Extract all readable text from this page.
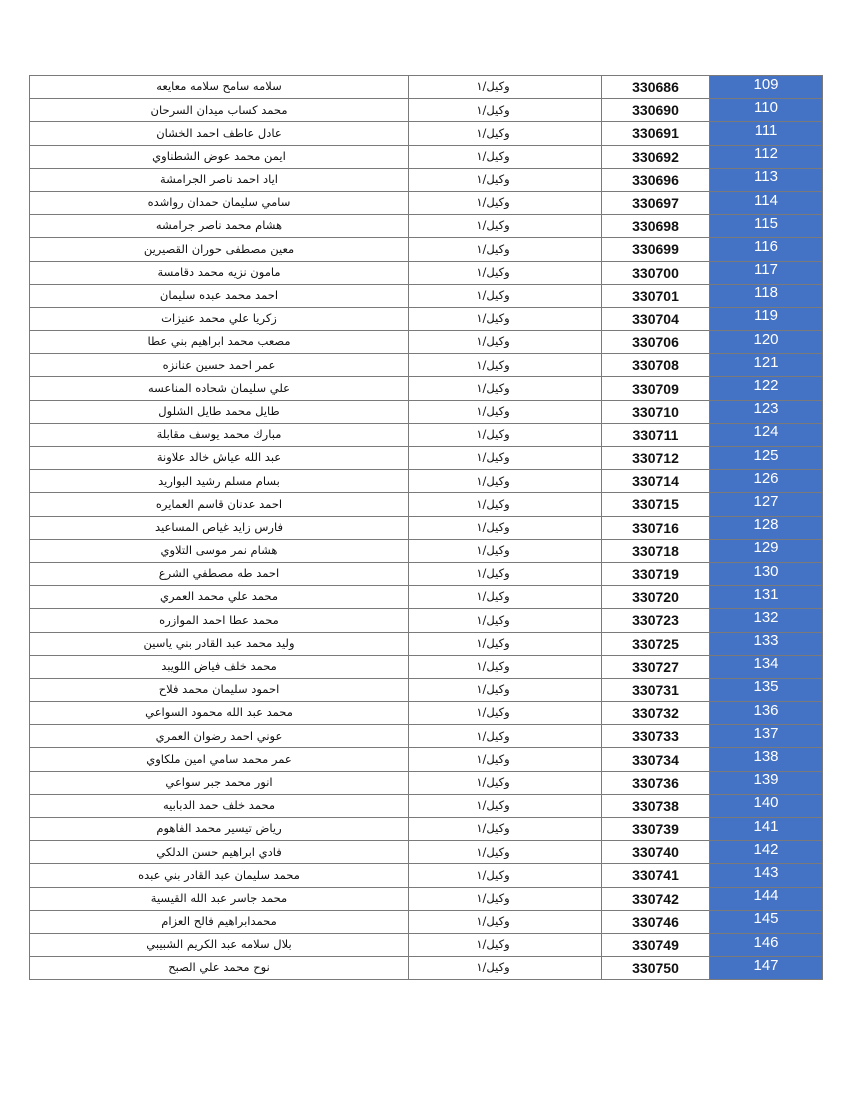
سلامه سامح سلامه معايعه	وكيل/١	330686	109
محمد كساب ميدان السرحان	وكيل/١	330690	110
عادل عاطف احمد الخشان	وكيل/١	330691	111
ايمن محمد عوض الشطناوي	وكيل/١	330692	112
اياد احمد ناصر الجرامشة	وكيل/١	330696	113
سامي سليمان حمدان رواشده	وكيل/١	330697	114
هشام محمد ناصر جرامشه	وكيل/١	330698	115
معين مصطفى حوران القصيرين	وكيل/١	330699	116
مامون نزيه محمد دقامسة	وكيل/١	330700	117
احمد محمد عبده سليمان	وكيل/١	330701	118
زكريا علي محمد عنيزات	وكيل/١	330704	119
مصعب محمد ابراهيم بني عطا	وكيل/١	330706	120
عمر احمد حسين عنانزه	وكيل/١	330708	121
علي سليمان شحاده المناعسه	وكيل/١	330709	122
طايل محمد طايل الشلول	وكيل/١	330710	123
مبارك محمد يوسف مقابلة	وكيل/١	330711	124
عبد الله عياش خالد علاونة	وكيل/١	330712	125
بسام مسلم رشيد البواريد	وكيل/١	330714	126
احمد عدنان قاسم العمايره	وكيل/١	330715	127
فارس زايد غياص المساعيد	وكيل/١	330716	128
هشام نمر موسى التلاوي	وكيل/١	330718	129
احمد طه مصطفي الشرع	وكيل/١	330719	130
محمد علي محمد العمري	وكيل/١	330720	131
محمد عطا احمد الموازره	وكيل/١	330723	132
وليد محمد عبد القادر بني ياسين	وكيل/١	330725	133
محمد خلف فياض اللويبد	وكيل/١	330727	134
احمود سليمان محمد فلاح	وكيل/١	330731	135
محمد عبد الله محمود السواعي	وكيل/١	330732	136
عوني احمد رضوان العمري	وكيل/١	330733	137
عمر محمد سامي امين ملكاوي	وكيل/١	330734	138
انور محمد جبر سواعي	وكيل/١	330736	139
محمد خلف حمد الدبابيه	وكيل/١	330738	140
رياض تيسير محمد الفاهوم	وكيل/١	330739	141
فادي ابراهيم حسن الدلكي	وكيل/١	330740	142
محمد سليمان عبد القادر بني عبده	وكيل/١	330741	143
محمد جاسر عبد الله القيسية	وكيل/١	330742	144
محمدابراهيم فالح العزام	وكيل/١	330746	145
بلال سلامه عبد الكريم الشبيبي	وكيل/١	330749	146
نوح محمد علي الصبح	وكيل/١	330750	147
